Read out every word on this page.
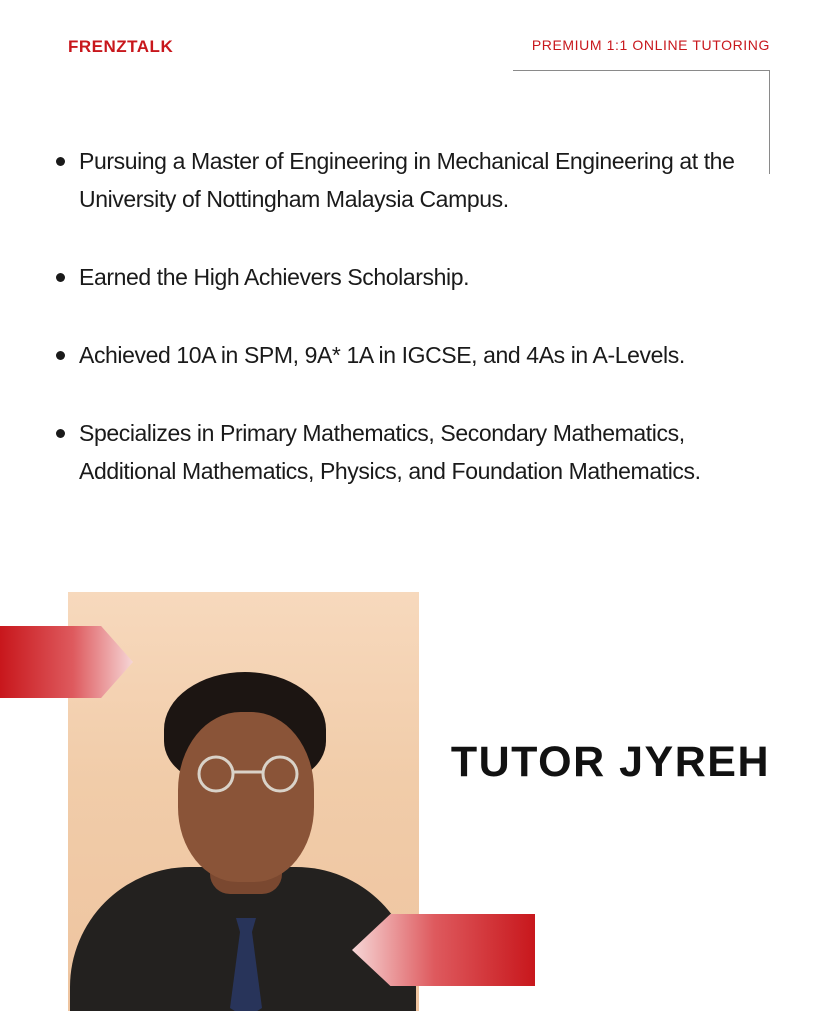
FRENZTALK	PREMIUM 1:1 ONLINE TUTORING
Pursuing a Master of Engineering in Mechanical Engineering at the University of Nottingham Malaysia Campus.
Earned the High Achievers Scholarship.
Achieved 10A in SPM, 9A* 1A in IGCSE, and 4As in A-Levels.
Specializes in Primary Mathematics, Secondary Mathematics, Additional Mathematics, Physics, and Foundation Mathematics.
TUTOR JYREH
